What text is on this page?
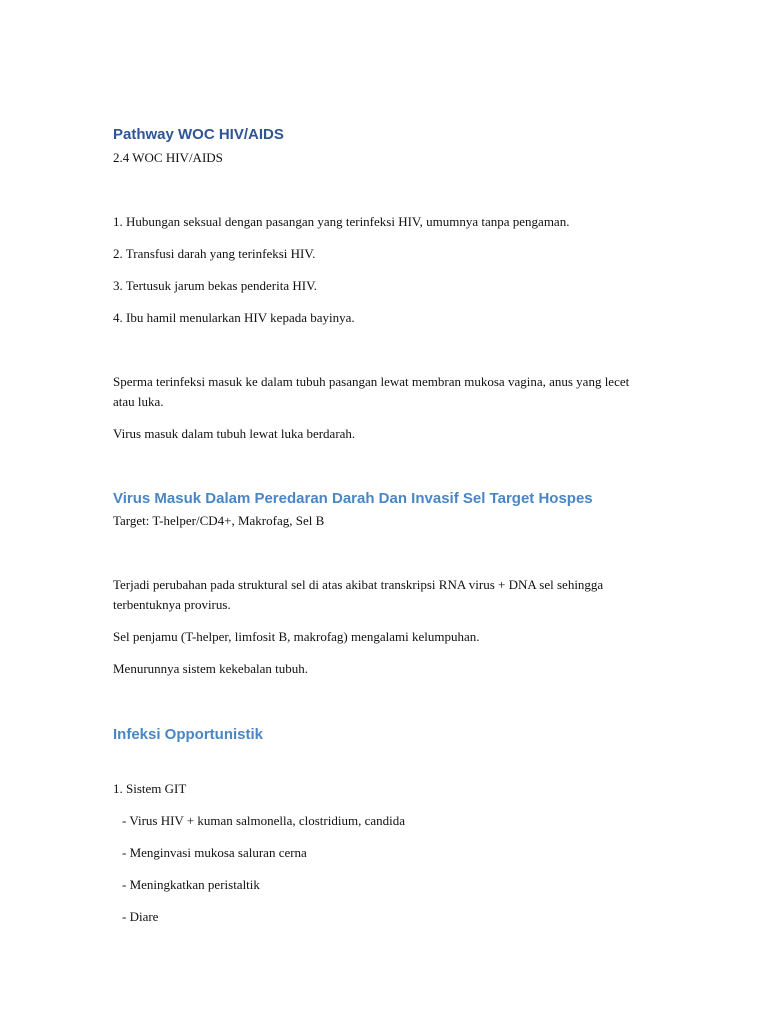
Pathway WOC HIV/AIDS

2.4 WOC HIV/AIDS

1. Hubungan seksual dengan pasangan yang terinfeksi HIV, umumnya tanpa pengaman.

2. Transfusi darah yang terinfeksi HIV.

3. Tertusuk jarum bekas penderita HIV.

4. Ibu hamil menularkan HIV kepada bayinya.

Sperma terinfeksi masuk ke dalam tubuh pasangan lewat membran mukosa vagina, anus yang lecet atau luka.

Virus masuk dalam tubuh lewat luka berdarah.

Virus Masuk Dalam Peredaran Darah Dan Invasif Sel Target Hospes

Target: T-helper/CD4+, Makrofag, Sel B

Terjadi perubahan pada struktural sel di atas akibat transkripsi RNA virus + DNA sel sehingga terbentuknya provirus.

Sel penjamu (T-helper, limfosit B, makrofag) mengalami kelumpuhan.

Menurunnya sistem kekebalan tubuh.

Infeksi Opportunistik

1. Sistem GIT

- Virus HIV + kuman salmonella, clostridium, candida

- Menginvasi mukosa saluran cerna

- Meningkatkan peristaltik

- Diare
